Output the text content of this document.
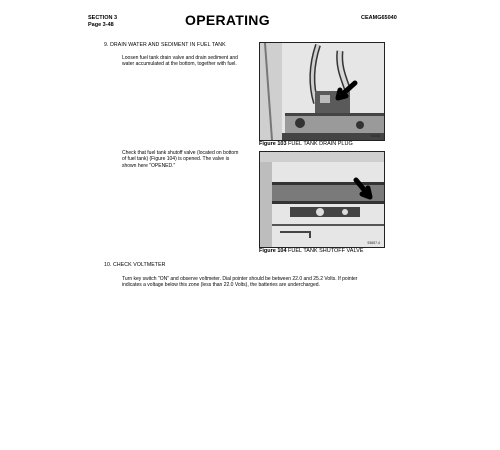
SECTION 3
Page 3-48	OPERATING	CEAMG65040
9. DRAIN WATER AND SEDIMENT IN FUEL TANK
Loosen fuel tank drain valve and drain sediment and
water accumulated at the bottom, together with fuel.
Check that fuel tank shutoff valve (located on bottom
of fuel tank) (Figure 104) is opened. The valve is
shown here "OPENED."
93056
Figure 103 FUEL TANK DRAIN PLUG
93657.4
Figure 104 FUEL TANK SHUTOFF VALVE
10. CHECK VOLTMETER
Turn key switch "ON" and observe voltmeter. Dial pointer should be between 22.0 and 25.2 Volts. If pointer
indicates a voltage below this zone (less than 22.0 Volts), the batteries are undercharged.
